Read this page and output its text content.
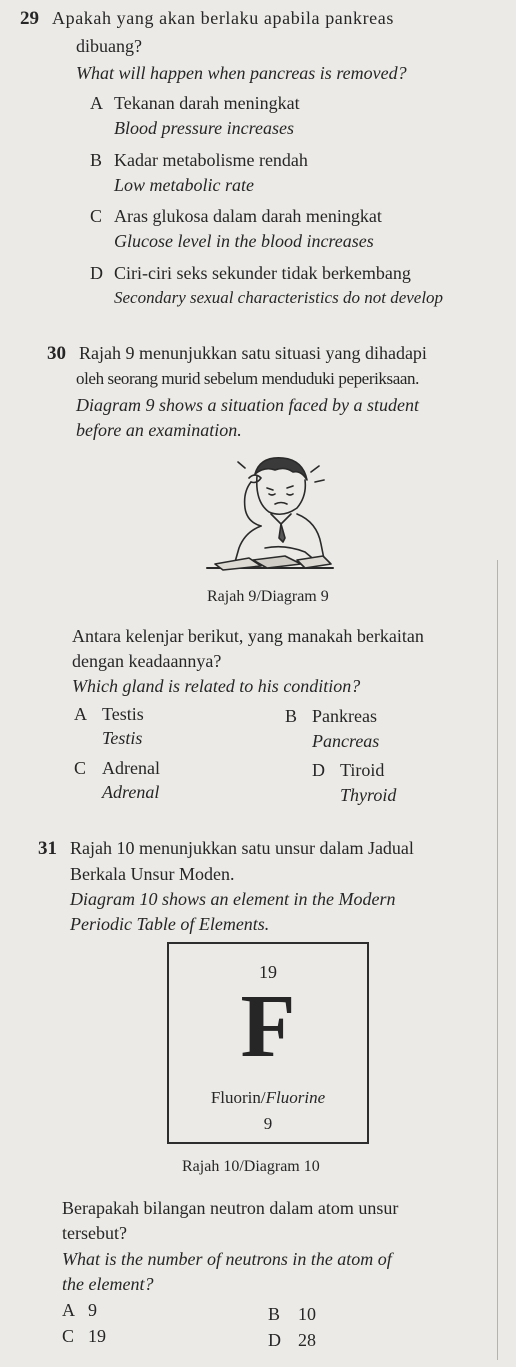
29 Apakah yang akan berlaku apabila pankreas
dibuang?
What will happen when pancreas is removed?
A Tekanan darah meningkat
Blood pressure increases
B Kadar metabolisme rendah
Low metabolic rate
C Aras glukosa dalam darah meningkat
Glucose level in the blood increases
D Ciri-ciri seks sekunder tidak berkembang
Secondary sexual characteristics do not develop
30 Rajah 9 menunjukkan satu situasi yang dihadapi
oleh seorang murid sebelum menduduki peperiksaan.
Diagram 9 shows a situation faced by a student
before an examination.
Rajah 9/Diagram 9
Antara kelenjar berikut, yang manakah berkaitan
dengan keadaannya?
Which gland is related to his condition?
A Testis
Testis
B Pankreas
Pancreas
C Adrenal
Adrenal
D Tiroid
Thyroid
31 Rajah 10 menunjukkan satu unsur dalam Jadual
Berkala Unsur Moden.
Diagram 10 shows an element in the Modern
Periodic Table of Elements.
19
F
Fluorin/Fluorine
9
Rajah 10/Diagram 10
Berapakah bilangan neutron dalam atom unsur
tersebut?
What is the number of neutrons in the atom of
the element?
A 9	B 10
C 19	D 28
